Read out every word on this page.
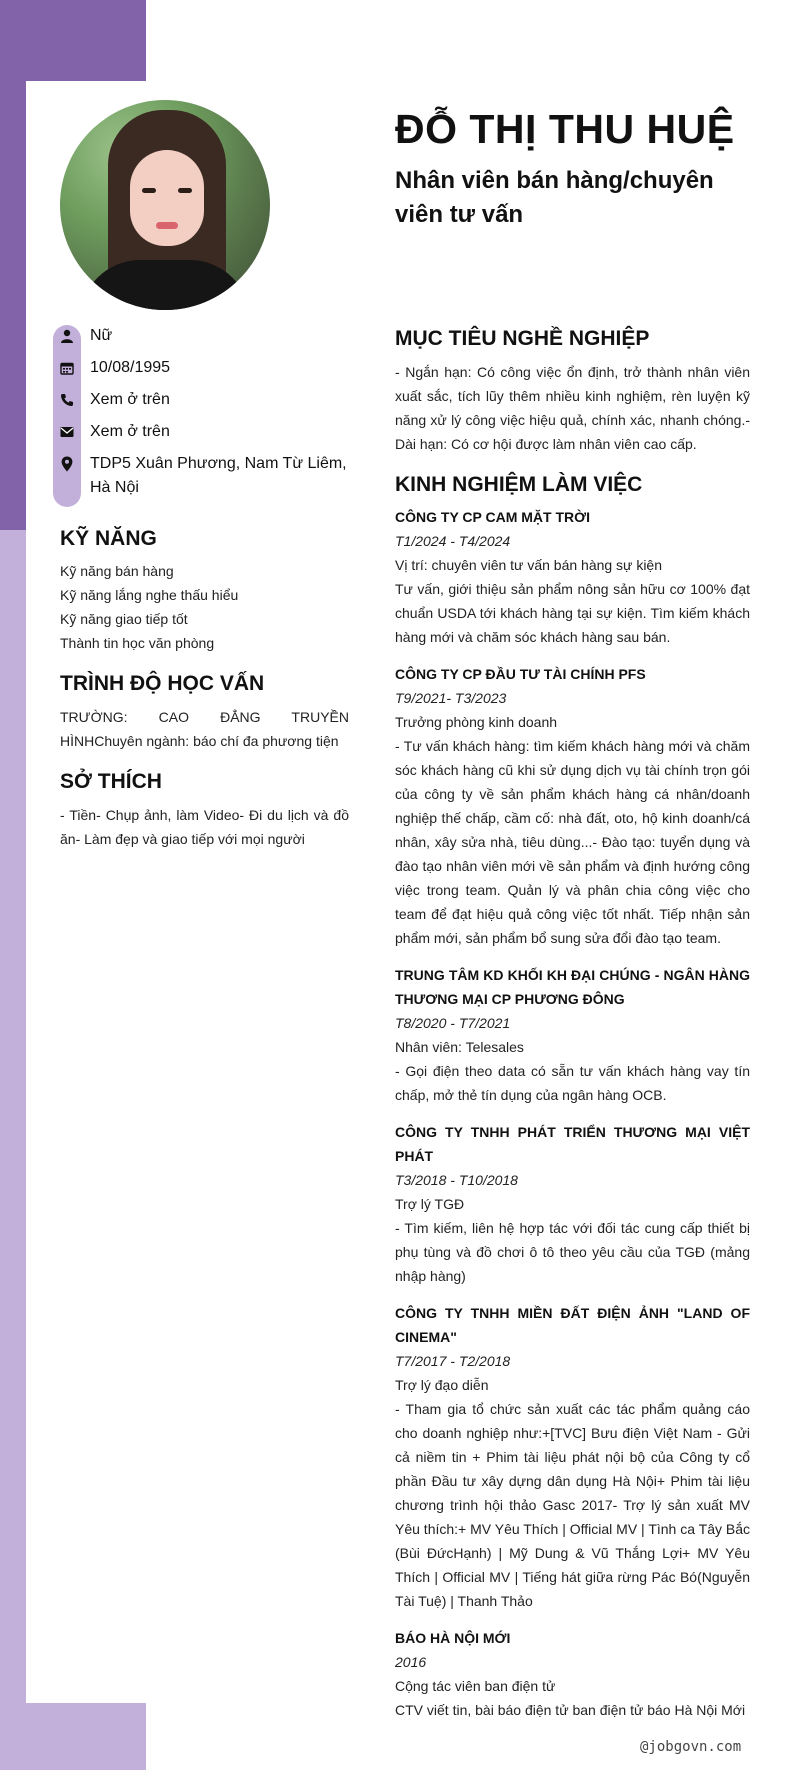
ĐỖ THỊ THU HUỆ
Nhân viên bán hàng/chuyên viên tư vấn
Nữ
10/08/1995
Xem ở trên
Xem ở trên
TDP5 Xuân Phương, Nam Từ Liêm, Hà Nội
KỸ NĂNG
Kỹ năng bán hàng
Kỹ năng lắng nghe thấu hiểu
Kỹ năng giao tiếp tốt
Thành tin học văn phòng
TRÌNH ĐỘ HỌC VẤN

TRƯỜNG: CAO ĐẲNG TRUYỀN HÌNHChuyên ngành: báo chí đa phương tiện

SỞ THÍCH

- Tiền- Chụp ảnh, làm Video- Đi du lịch và đồ ăn- Làm đẹp và giao tiếp với mọi người

MỤC TIÊU NGHỀ NGHIỆP

- Ngắn hạn: Có công việc ổn định, trở thành nhân viên xuất sắc, tích lũy thêm nhiều kinh nghiệm, rèn luyện kỹ năng xử lý công việc hiệu quả, chính xác, nhanh chóng.- Dài hạn: Có cơ hội được làm nhân viên cao cấp.

KINH NGHIỆM LÀM VIỆC
CÔNG TY CP CAM MẶT TRỜI
T1/2024 - T4/2024
Vị trí: chuyên viên tư vấn bán hàng sự kiện
Tư vấn, giới thiệu sản phẩm nông sản hữu cơ 100% đạt chuẩn USDA tới khách hàng tại sự kiện. Tìm kiếm khách hàng mới và chăm sóc khách hàng sau bán.
CÔNG TY CP ĐẦU TƯ TÀI CHÍNH PFS
T9/2021- T3/2023
Trưởng phòng kinh doanh
- Tư vấn khách hàng: tìm kiếm khách hàng mới và chăm sóc khách hàng cũ khi sử dụng dịch vụ tài chính trọn gói của công ty về sản phẩm khách hàng cá nhân/doanh nghiệp thế chấp, cầm cố: nhà đất, oto, hộ kinh doanh/cá nhân, xây sửa nhà, tiêu dùng...- Đào tạo: tuyển dụng và đào tạo nhân viên mới về sản phẩm và định hướng công việc trong team. Quản lý và phân chia công việc cho team để đạt hiệu quả công việc tốt nhất. Tiếp nhận sản phẩm mới, sản phẩm bổ sung sửa đổi đào tạo team.
TRUNG TÂM KD KHỐI KH ĐẠI CHÚNG - NGÂN HÀNG THƯƠNG MẠI CP PHƯƠNG ĐÔNG
T8/2020 - T7/2021
Nhân viên: Telesales
- Gọi điện theo data có sẵn tư vấn khách hàng vay tín chấp, mở thẻ tín dụng của ngân hàng OCB.
CÔNG TY TNHH PHÁT TRIỂN THƯƠNG MẠI VIỆT PHÁT
T3/2018 - T10/2018
Trợ lý TGĐ
- Tìm kiếm, liên hệ hợp tác với đối tác cung cấp thiết bị phụ tùng và đồ chơi ô tô theo yêu cầu của TGĐ (mảng nhập hàng)
CÔNG TY TNHH MIỀN ĐẤT ĐIỆN ẢNH "LAND OF CINEMA"
T7/2017 - T2/2018
Trợ lý đạo diễn
- Tham gia tổ chức sản xuất các tác phẩm quảng cáo cho doanh nghiệp như:+[TVC] Bưu điện Việt Nam - Gửi cả niềm tin + Phim tài liệu phát nội bộ của Công ty cổ phần Đầu tư xây dựng dân dụng Hà Nội+ Phim tài liệu chương trình hội thảo Gasc 2017- Trợ lý sản xuất MV Yêu thích:+ MV Yêu Thích | Official MV | Tình ca Tây Bắc (Bùi ĐứcHạnh) | Mỹ Dung & Vũ Thắng Lợi+ MV Yêu Thích | Official MV | Tiếng hát giữa rừng Pác Bó(Nguyễn Tài Tuệ) | Thanh Thảo
BÁO HÀ NỘI MỚI
2016
Cộng tác viên ban điện tử
CTV viết tin, bài báo điện tử ban điện tử báo Hà Nội Mới
@jobgovn.com
